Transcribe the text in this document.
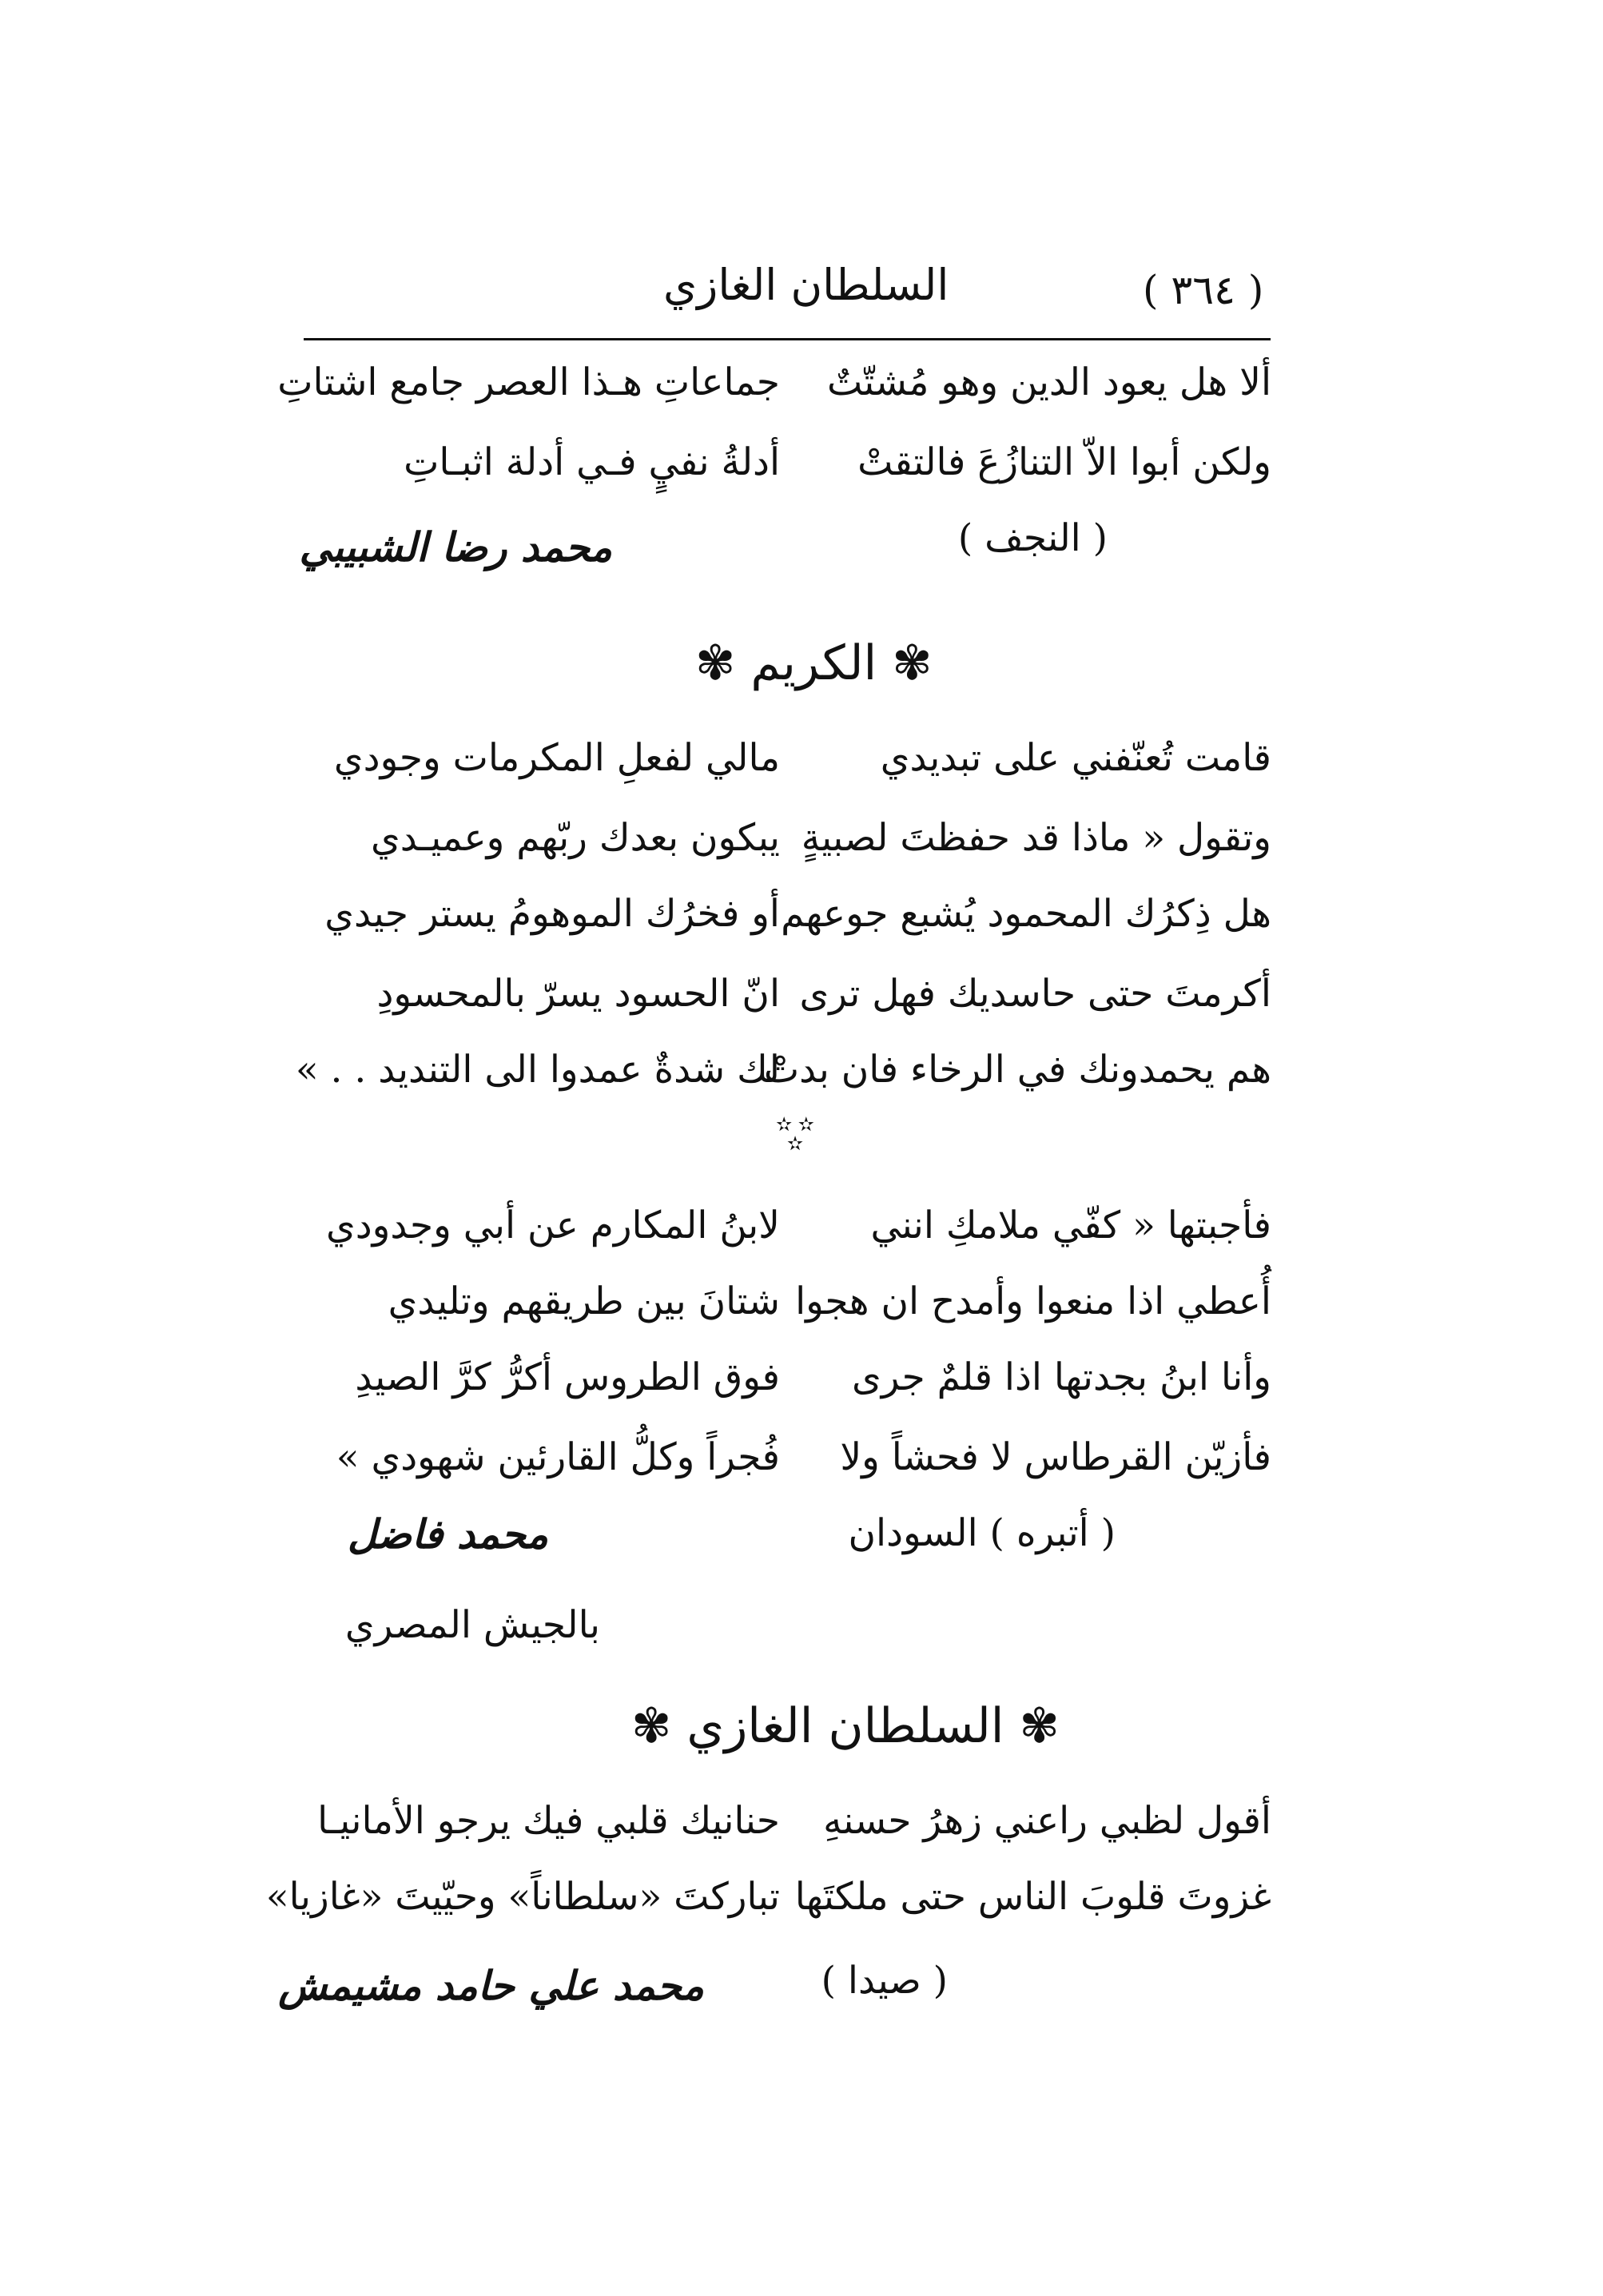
السلطان الغازي	( ٣٦٤ )
ألا هل يعود الدين وهو مُشتّتٌ
جماعاتِ هـذا العصر جامع اشتاتِ
ولكن أبوا الاّ التنازُعَ فالتقتْ
أدلةُ نفيٍ فـي أدلة اثبـاتِ
( النجف )
محمد رضا الشبيبي
✾ الكريم ✾
قامت تُعنّفني على تبديدي
مالي لفعلِ المكرمات وجودي
وتقول « ماذا قد حفظتَ لصبيةٍ
يبكون بعدك ربّهم وعميـدي
هل ذِكرُك المحمود يُشبع جوعهم
أو فخرُك الموهومُ يستر جيدي
أكرمتَ حتى حاسديك فهل ترى
انّ الحسود يسرّ بالمحسودِ
هم يحمدونك في الرخاء فان بدتْ
لك شدةٌ عمدوا الى التنديد . . »
✫ ✫ ✫
فأجبتها « كفّي ملامكِ انني
لابنُ المكارم عن أبي وجدودي
أُعطي اذا منعوا وأمدح ان هجوا
شتانَ بين طريقهم وتليدي
وأنا ابنُ بجدتها اذا قلمٌ جرى
فوق الطروس أكرُّ كرَّ الصيدِ
فأزيّن القرطاس لا فحشاً ولا
فُجراً وكلُّ القارئين شهودي »
( أتبره ) السودان
محمد فاضل
بالجيش المصري
✾ السلطان الغازي ✾
أقول لظبي راعني زهرُ حسنهِ
حنانيك قلبي فيك يرجو الأمانيـا
غزوتَ قلوبَ الناس حتى ملكتَها
تباركتَ «سلطاناً» وحيّيتَ «غازيا»
( صيدا )
محمد علي حامد مشيمش
